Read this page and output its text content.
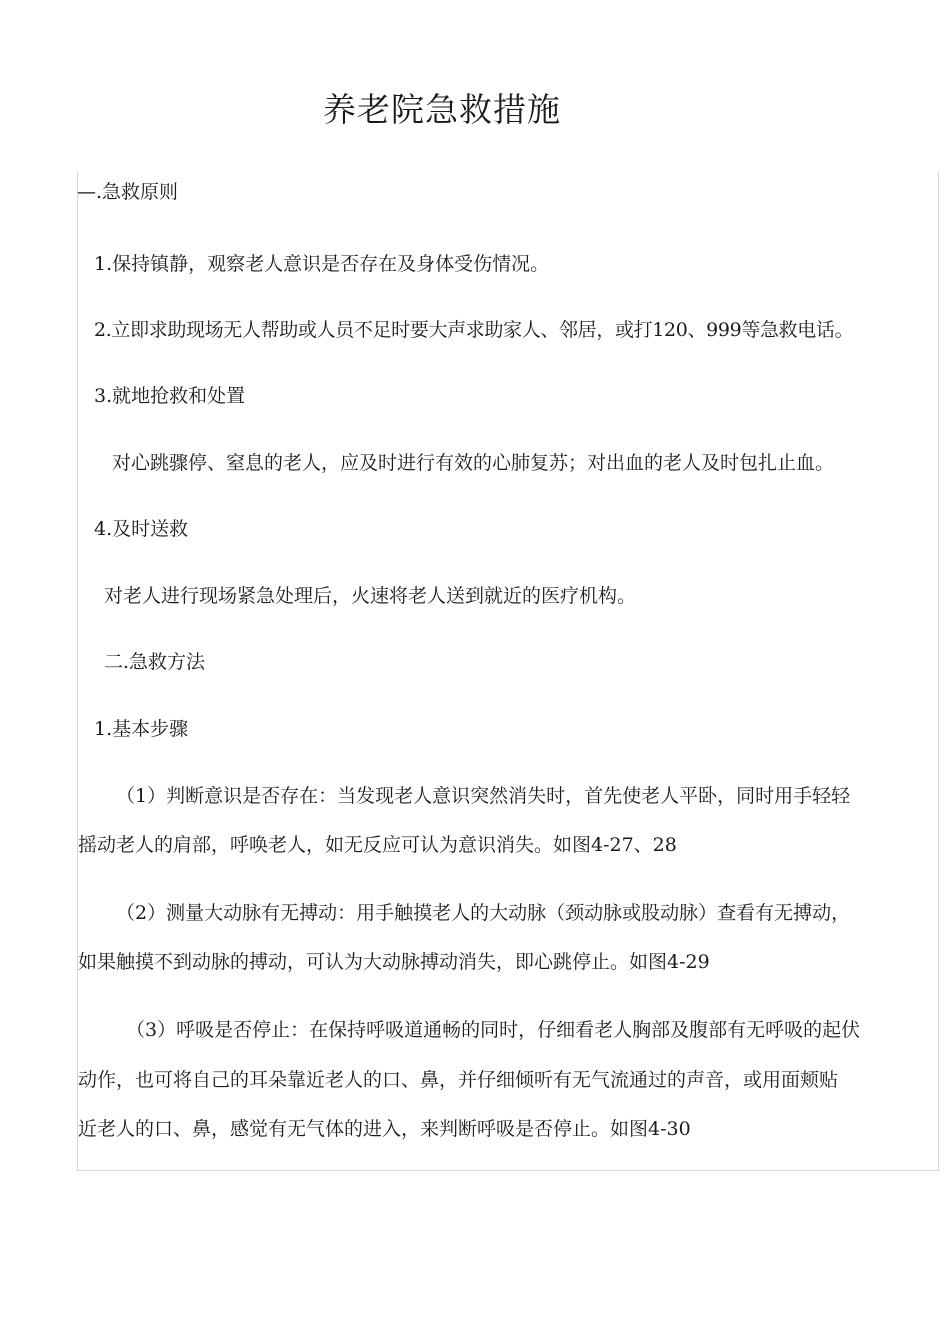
养老院急救措施
—.急救原则
1.保持镇静，观察老人意识是否存在及身体受伤情况。
2.立即求助现场无人帮助或人员不足时要大声求助家人、邻居，或打120、999等急救电话。
3.就地抢救和处置
对心跳骤停、窒息的老人，应及时进行有效的心肺复苏；对出血的老人及时包扎止血。
4.及时送救
对老人进行现场紧急处理后，火速将老人送到就近的医疗机构。
二.急救方法
1.基本步骤
（1）判断意识是否存在：当发现老人意识突然消失时，首先使老人平卧，同时用手轻轻
摇动老人的肩部，呼唤老人，如无反应可认为意识消失。如图4-27、28
（2）测量大动脉有无搏动：用手触摸老人的大动脉（颈动脉或股动脉）查看有无搏动，
如果触摸不到动脉的搏动，可认为大动脉搏动消失，即心跳停止。如图4-29
（3）呼吸是否停止：在保持呼吸道通畅的同时，仔细看老人胸部及腹部有无呼吸的起伏
动作，也可将自己的耳朵靠近老人的口、鼻，并仔细倾听有无气流通过的声音，或用面颊贴
近老人的口、鼻，感觉有无气体的进入，来判断呼吸是否停止。如图4-30
